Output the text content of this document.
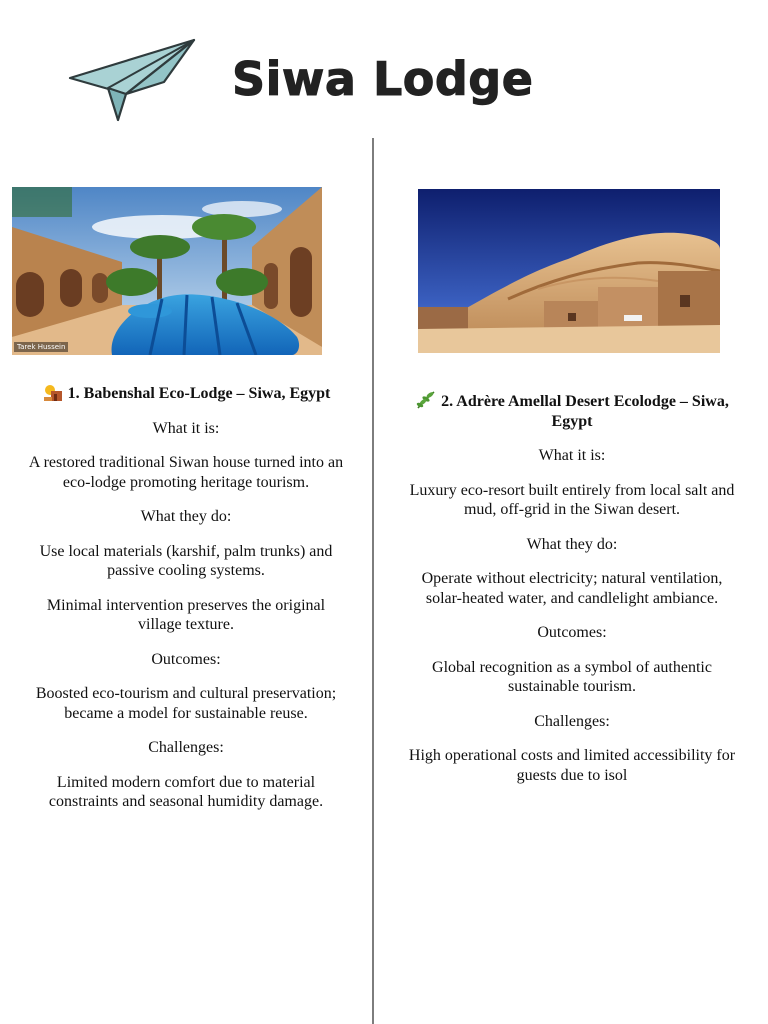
Siwa Lodge
Tarek Hussein

1. Babenshal Eco-Lodge – Siwa, Egypt

What it is:

A restored traditional Siwan house turned into an eco-lodge promoting heritage tourism.

What they do:

Use local materials (karshif, palm trunks) and passive cooling systems.

Minimal intervention preserves the original village texture.

Outcomes:

Boosted eco-tourism and cultural preservation; became a model for sustainable reuse.

Challenges:

Limited modern comfort due to material constraints and seasonal humidity damage.

2. Adrère Amellal Desert Ecolodge – Siwa, Egypt

What it is:

Luxury eco-resort built entirely from local salt and mud, off-grid in the Siwan desert.

What they do:

Operate without electricity; natural ventilation, solar-heated water, and candlelight ambiance.

Outcomes:

Global recognition as a symbol of authentic sustainable tourism.

Challenges:

High operational costs and limited accessibility for guests due to isol
